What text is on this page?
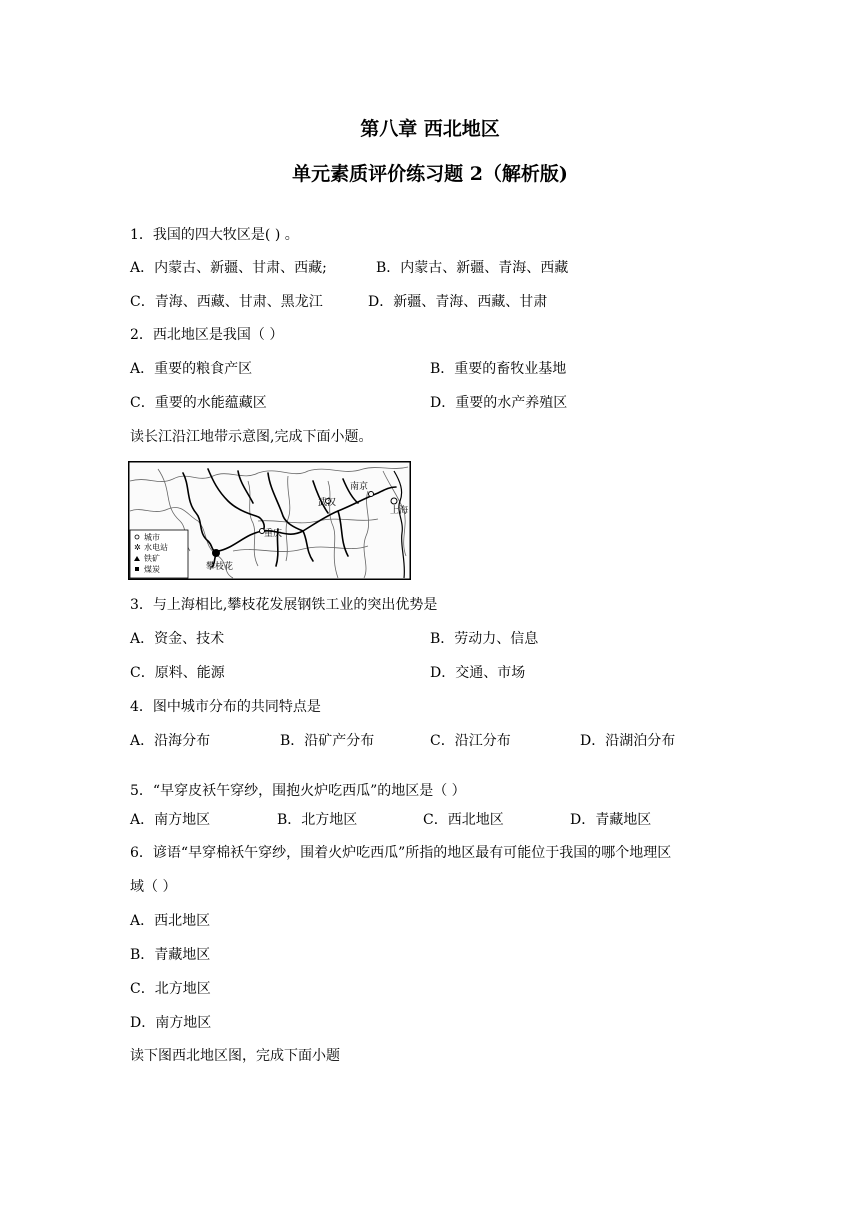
第八章 西北地区
单元素质评价练习题 2（解析版)
1．我国的四大牧区是( ) 。
A．内蒙古、新疆、甘肃、西藏;	B．内蒙古、新疆、青海、西藏
C．青海、西藏、甘肃、黑龙江	D．新疆、青海、西藏、甘肃
2．西北地区是我国（ ）
A．重要的粮食产区	B．重要的畜牧业基地
C．重要的水能蕴藏区	D．重要的水产养殖区
读长江沿江地带示意图,完成下面小题。
南京
武汉
上海
重庆
攀枝花
城市
✲ 水电站
铁矿
煤炭
3．与上海相比,攀枝花发展钢铁工业的突出优势是
A．资金、技术	B．劳动力、信息
C．原料、能源	D．交通、市场
4．图中城市分布的共同特点是
A．沿海分布	B．沿矿产分布	C．沿江分布	D．沿湖泊分布
5．“早穿皮袄午穿纱，围抱火炉吃西瓜”的地区是（ ）
A．南方地区	B．北方地区	C．西北地区	D．青藏地区
6．谚语“早穿棉袄午穿纱，围着火炉吃西瓜”所指的地区最有可能位于我国的哪个地理区
域（ ）
A．西北地区
B．青藏地区
C．北方地区
D．南方地区
读下图西北地区图，完成下面小题
